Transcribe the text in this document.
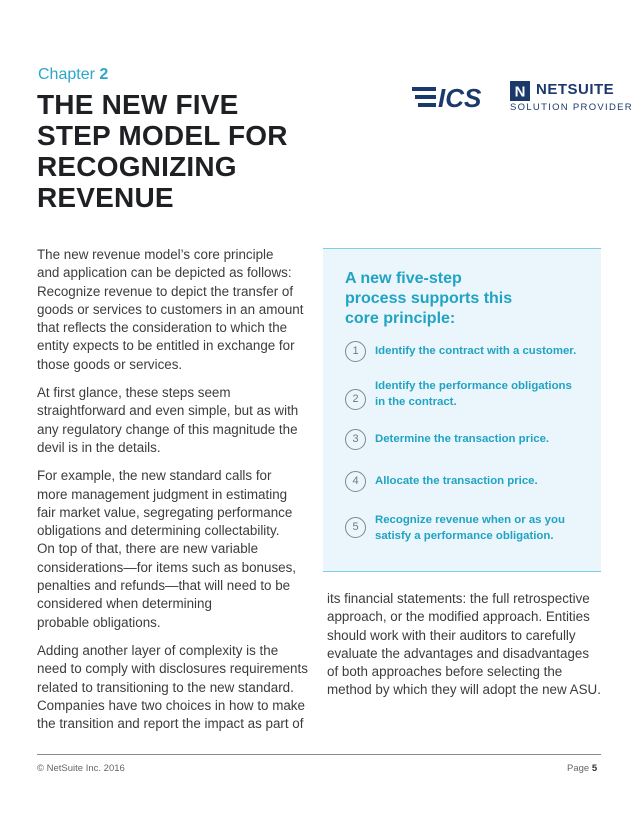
Chapter 2
THE NEW FIVE
STEP MODEL FOR
RECOGNIZING
REVENUE
ICS N NETSUITE
SOLUTION PROVIDER
The new revenue model’s core principle
and application can be depicted as follows:
Recognize revenue to depict the transfer of
goods or services to customers in an amount
that reflects the consideration to which the
entity expects to be entitled in exchange for
those goods or services.
At first glance, these steps seem
straightforward and even simple, but as with
any regulatory change of this magnitude the
devil is in the details.
For example, the new standard calls for
more management judgment in estimating
fair market value, segregating performance
obligations and determining collectability.
On top of that, there are new variable
considerations—for items such as bonuses,
penalties and refunds—that will need to be
considered when determining
probable obligations.
Adding another layer of complexity is the
need to comply with disclosures requirements
related to transitioning to the new standard.
Companies have two choices in how to make
the transition and report the impact as part of
A new five-step
process supports this
core principle:
1	Identify the contract with a customer.
2
Identify the performance obligations
in the contract.
3	Determine the transaction price.
4	Allocate the transaction price.
5
Recognize revenue when or as you
satisfy a performance obligation.
its financial statements: the full retrospective
approach, or the modified approach. Entities
should work with their auditors to carefully
evaluate the advantages and disadvantages
of both approaches before selecting the
method by which they will adopt the new ASU.
© NetSuite Inc. 2016	Page 5
